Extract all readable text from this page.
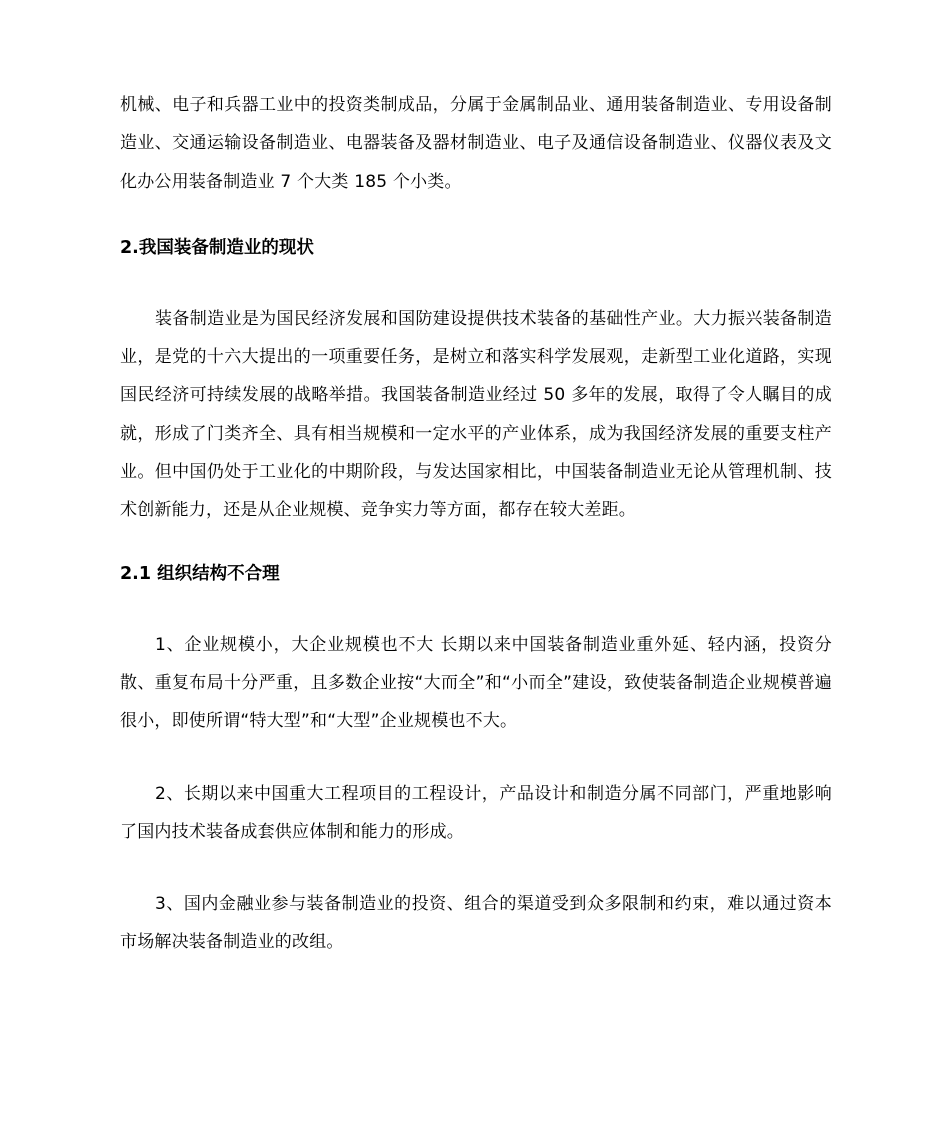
机械、电子和兵器工业中的投资类制成品，分属于金属制品业、通用装备制造业、专用设备制造业、交通运输设备制造业、电器装备及器材制造业、电子及通信设备制造业、仪器仪表及文化办公用装备制造业 7 个大类 185 个小类。

2.我国装备制造业的现状

装备制造业是为国民经济发展和国防建设提供技术装备的基础性产业。大力振兴装备制造业，是党的十六大提出的一项重要任务，是树立和落实科学发展观，走新型工业化道路，实现国民经济可持续发展的战略举措。我国装备制造业经过 50 多年的发展，取得了令人瞩目的成就，形成了门类齐全、具有相当规模和一定水平的产业体系，成为我国经济发展的重要支柱产业。但中国仍处于工业化的中期阶段，与发达国家相比，中国装备制造业无论从管理机制、技术创新能力，还是从企业规模、竞争实力等方面，都存在较大差距。

2.1 组织结构不合理

1、企业规模小，大企业规模也不大 长期以来中国装备制造业重外延、轻内涵，投资分散、重复布局十分严重，且多数企业按“大而全”和“小而全”建设，致使装备制造企业规模普遍很小，即使所谓“特大型”和“大型”企业规模也不大。

2、长期以来中国重大工程项目的工程设计，产品设计和制造分属不同部门，严重地影响了国内技术装备成套供应体制和能力的形成。

3、国内金融业参与装备制造业的投资、组合的渠道受到众多限制和约束，难以通过资本市场解决装备制造业的改组。
